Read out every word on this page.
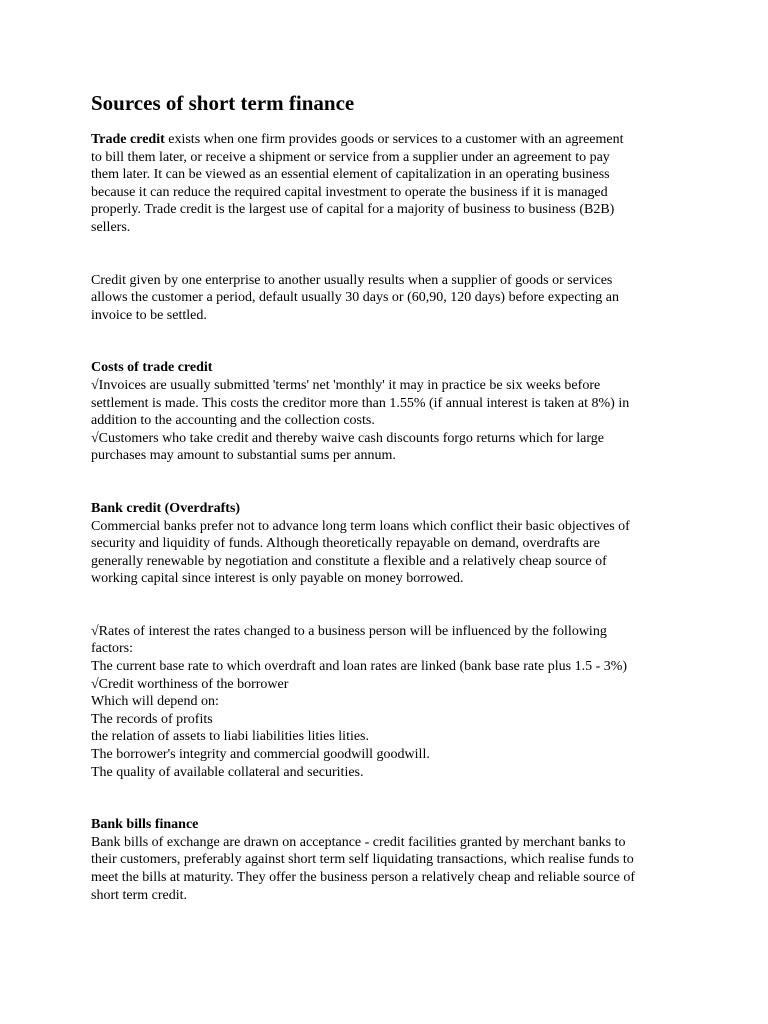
Sources of short term finance

Trade credit exists when one firm provides goods or services to a customer with an agreement
to bill them later, or receive a shipment or service from a supplier under an agreement to pay
them later. It can be viewed as an essential element of capitalization in an operating business
because it can reduce the required capital investment to operate the business if it is managed
properly. Trade credit is the largest use of capital for a majority of business to business (B2B)
sellers.

Credit given by one enterprise to another usually results when a supplier of goods or services
allows the customer a period, default usually 30 days or (60,90, 120 days) before expecting an
invoice to be settled.

Costs of trade credit
√Invoices are usually submitted 'terms' net 'monthly' it may in practice be six weeks before
settlement is made. This costs the creditor more than 1.55% (if annual interest is taken at 8%) in
addition to the accounting and the collection costs.
√Customers who take credit and thereby waive cash discounts forgo returns which for large
purchases may amount to substantial sums per annum.

Bank credit (Overdrafts)
Commercial banks prefer not to advance long term loans which conflict their basic objectives of
security and liquidity of funds. Although theoretically repayable on demand, overdrafts are
generally renewable by negotiation and constitute a flexible and a relatively cheap source of
working capital since interest is only payable on money borrowed.

√Rates of interest the rates changed to a business person will be influenced by the following
factors:
The current base rate to which overdraft and loan rates are linked (bank base rate plus 1.5 - 3%)
√Credit worthiness of the borrower
Which will depend on:
The records of profits
the relation of assets to liabi liabilities lities lities.
The borrower's integrity and commercial goodwill goodwill.
The quality of available collateral and securities.

Bank bills finance
Bank bills of exchange are drawn on acceptance - credit facilities granted by merchant banks to
their customers, preferably against short term self liquidating transactions, which realise funds to
meet the bills at maturity. They offer the business person a relatively cheap and reliable source of
short term credit.
